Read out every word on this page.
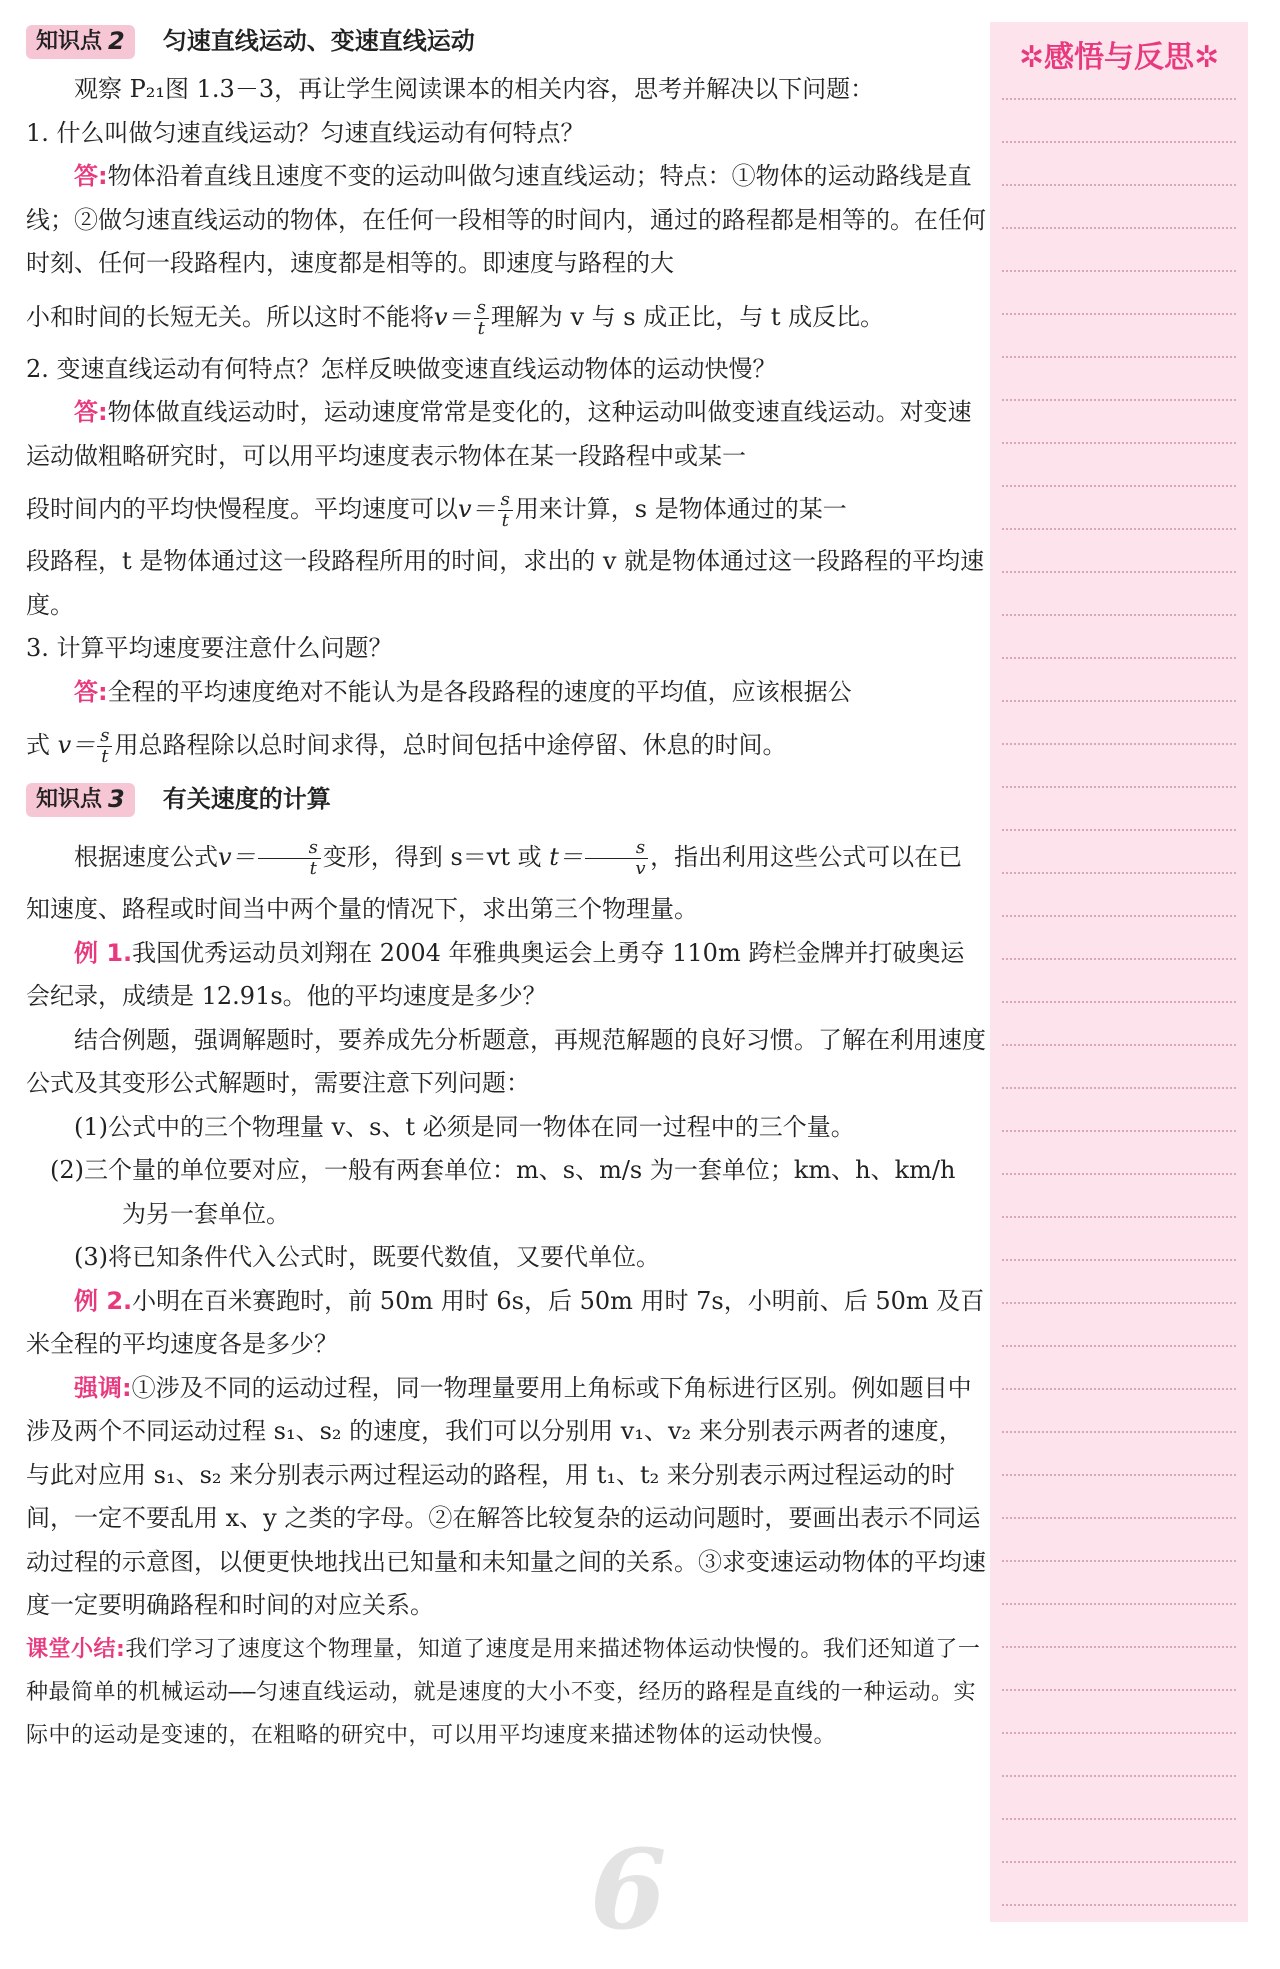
知识点 2 匀速直线运动、变速直线运动

观察 P₂₁图 1.3－3，再让学生阅读课本的相关内容，思考并解决以下问题：

1. 什么叫做匀速直线运动？匀速直线运动有何特点？

答:物体沿着直线且速度不变的运动叫做匀速直线运动；特点：①物体的运动路线是直线；②做匀速直线运动的物体，在任何一段相等的时间内，通过的路程都是相等的。在任何时刻、任何一段路程内，速度都是相等的。即速度与路程的大

小和时间的长短无关。所以这时不能将$v= \frac{s}{t}$ 理解为 v 与 s 成正比，与 t 成反比。

2. 变速直线运动有何特点？怎样反映做变速直线运动物体的运动快慢？

答:物体做直线运动时，运动速度常常是变化的，这种运动叫做变速直线运动。对变速运动做粗略研究时，可以用平均速度表示物体在某一段路程中或某一

段时间内的平均快慢程度。平均速度可以$v= \frac{s}{t}$ 用来计算，s 是物体通过的某一

段路程，t 是物体通过这一段路程所用的时间，求出的 v 就是物体通过这一段路程的平均速度。

3. 计算平均速度要注意什么问题？

答:全程的平均速度绝对不能认为是各段路程的速度的平均值，应该根据公

式 $v= \frac{s}{t}$ 用总路程除以总时间求得，总时间包括中途停留、休息的时间。

知识点 3 有关速度的计算

根据速度公式$v= \frac{s}{t}$ 变形，得到 s＝vt 或 $t= \frac{s}{v}$ ，指出利用这些公式可以在已

知速度、路程或时间当中两个量的情况下，求出第三个物理量。

例 1.我国优秀运动员刘翔在 2004 年雅典奥运会上勇夺 110m 跨栏金牌并打破奥运会纪录，成绩是 12.91s。他的平均速度是多少？

结合例题，强调解题时，要养成先分析题意，再规范解题的良好习惯。了解在利用速度公式及其变形公式解题时，需要注意下列问题：

(1)公式中的三个物理量 v、s、t 必须是同一物体在同一过程中的三个量。

(2)三个量的单位要对应，一般有两套单位：m、s、m/s 为一套单位；km、h、km/h 为另一套单位。

(3)将已知条件代入公式时，既要代数值，又要代单位。

例 2.小明在百米赛跑时，前 50m 用时 6s，后 50m 用时 7s，小明前、后 50m 及百米全程的平均速度各是多少？

强调:①涉及不同的运动过程，同一物理量要用上角标或下角标进行区别。例如题目中涉及两个不同运动过程 s₁、s₂ 的速度，我们可以分别用 v₁、v₂ 来分别表示两者的速度，与此对应用 s₁、s₂ 来分别表示两过程运动的路程，用 t₁、t₂ 来分别表示两过程运动的时间，一定不要乱用 x、y 之类的字母。②在解答比较复杂的运动问题时，要画出表示不同运动过程的示意图，以便更快地找出已知量和未知量之间的关系。③求变速运动物体的平均速度一定要明确路程和时间的对应关系。

课堂小结:我们学习了速度这个物理量，知道了速度是用来描述物体运动快慢的。我们还知道了一种最简单的机械运动——匀速直线运动，就是速度的大小不变，经历的路程是直线的一种运动。实际中的运动是变速的，在粗略的研究中，可以用平均速度来描述物体的运动快慢。

6
✲感悟与反思✲
